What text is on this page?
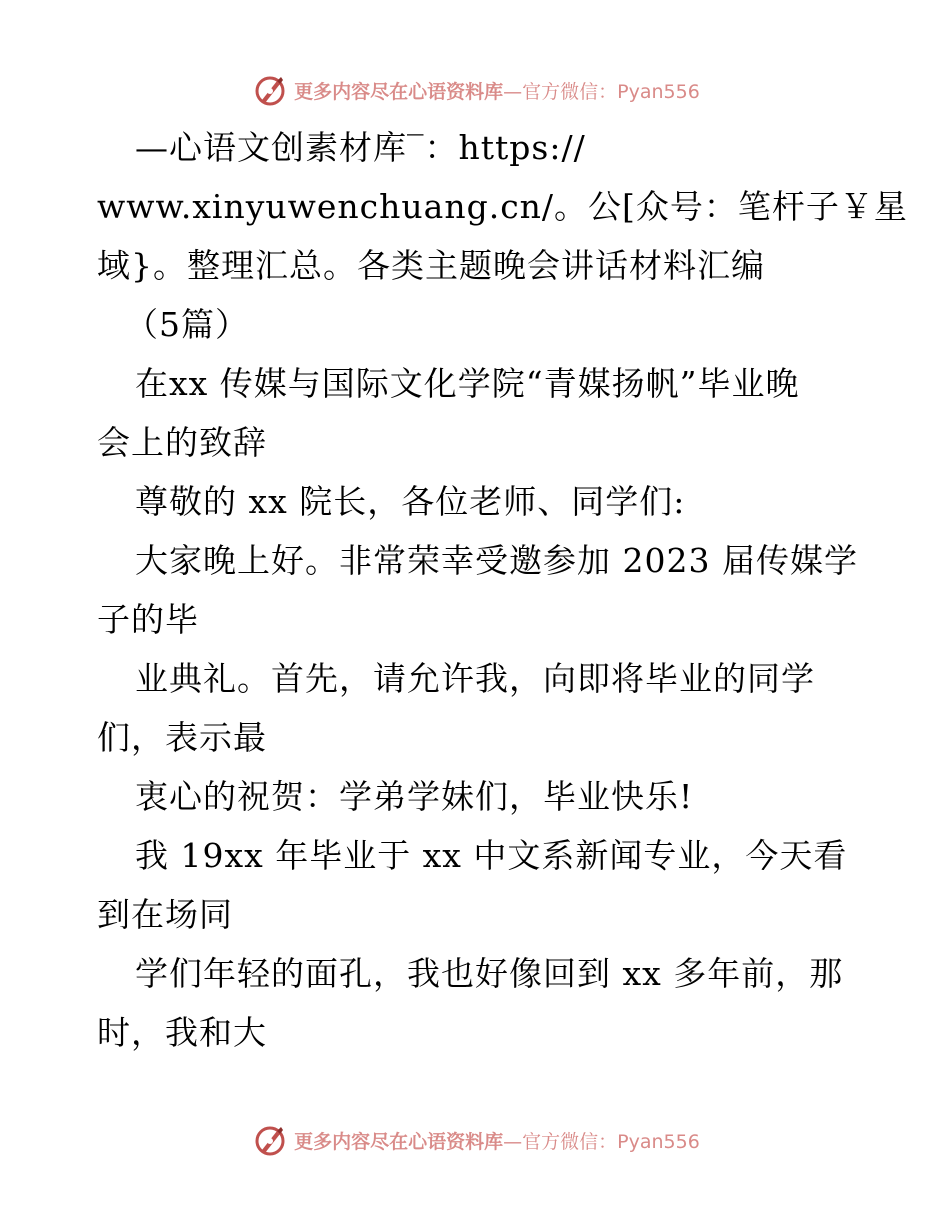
更多内容尽在心语资料库—官方微信：Pyan556
—心语文创素材库‾：https://
www.xinyuwenchuang.cn/。公[众号：笔杆子￥星
域}。整理汇总。各类主题晚会讲话材料汇编
（5篇）
在xx 传媒与国际文化学院“青媒扬帆”毕业晚
会上的致辞
尊敬的 xx 院长，各位老师、同学们:
大家晚上好。非常荣幸受邀参加 2023 届传媒学
子的毕
业典礼。首先，请允许我，向即将毕业的同学
们，表示最
衷心的祝贺：学弟学妹们，毕业快乐!
我 19xx 年毕业于 xx 中文系新闻专业，今天看
到在场同
学们年轻的面孔，我也好像回到 xx 多年前，那
时，我和大
更多内容尽在心语资料库—官方微信：Pyan556
